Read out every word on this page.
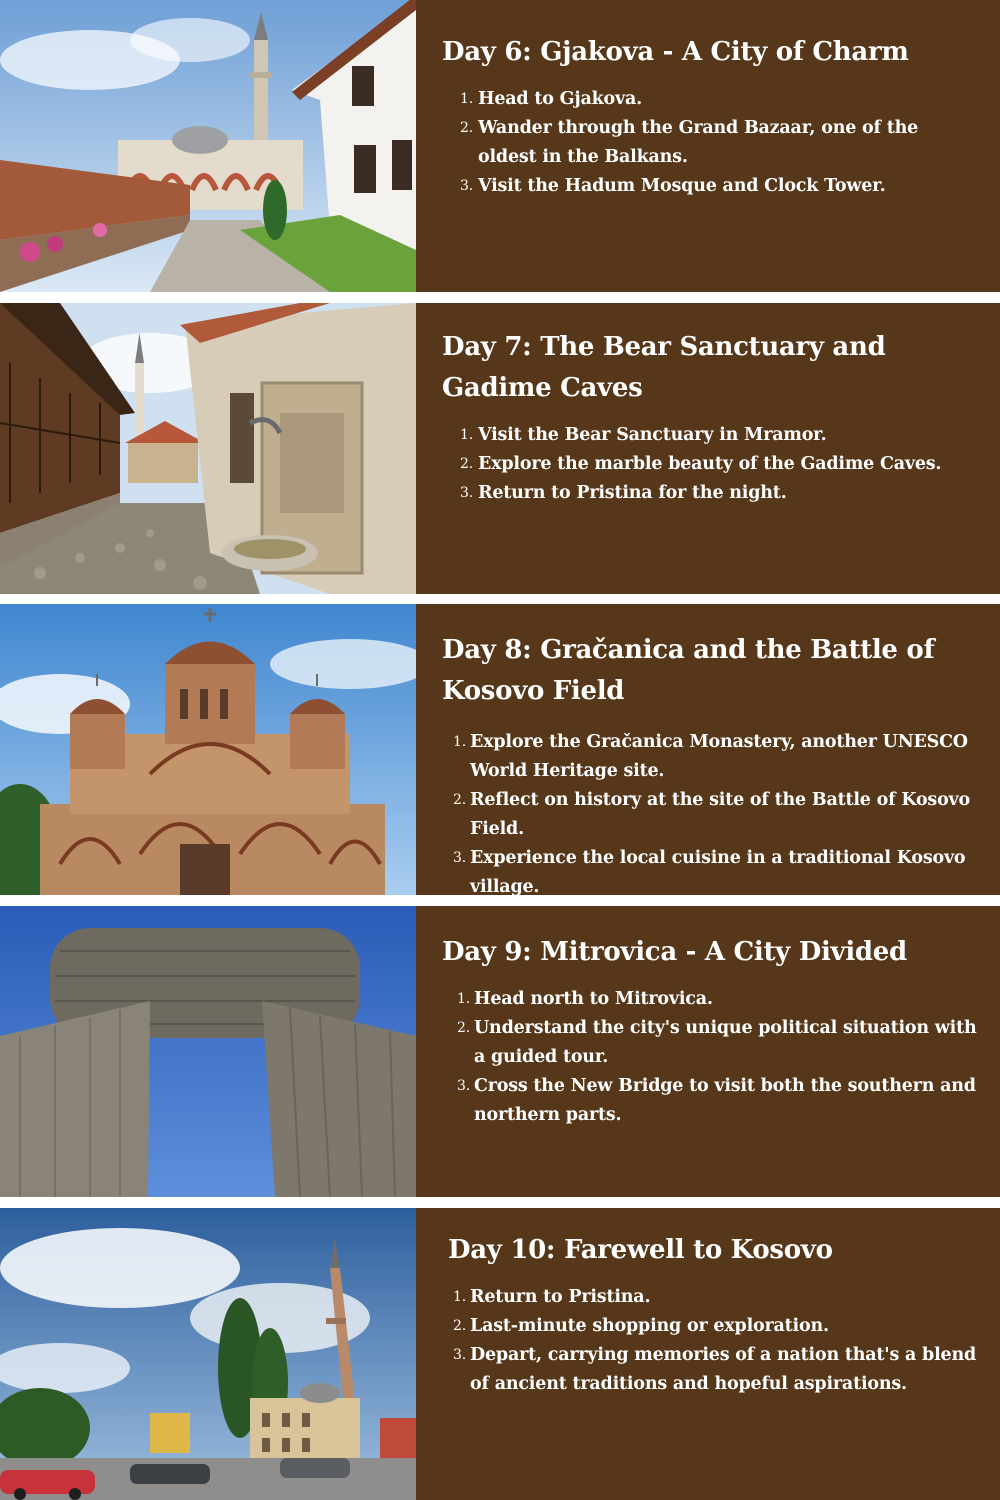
Day 6: Gjakova - A City of Charm
1. Head to Gjakova.
2. Wander through the Grand Bazaar, one of the oldest in the Balkans.
3. Visit the Hadum Mosque and Clock Tower.
Day 7: The Bear Sanctuary and Gadime Caves
1. Visit the Bear Sanctuary in Mramor.
2. Explore the marble beauty of the Gadime Caves.
3. Return to Pristina for the night.
Day 8: Gračanica and the Battle of Kosovo Field
1. Explore the Gračanica Monastery, another UNESCO World Heritage site.
2. Reflect on history at the site of the Battle of Kosovo Field.
3. Experience the local cuisine in a traditional Kosovo village.
Day 9: Mitrovica - A City Divided
1. Head north to Mitrovica.
2. Understand the city's unique political situation with a guided tour.
3. Cross the New Bridge to visit both the southern and northern parts.
Day 10: Farewell to Kosovo
1. Return to Pristina.
2. Last-minute shopping or exploration.
3. Depart, carrying memories of a nation that's a blend of ancient traditions and hopeful aspirations.
